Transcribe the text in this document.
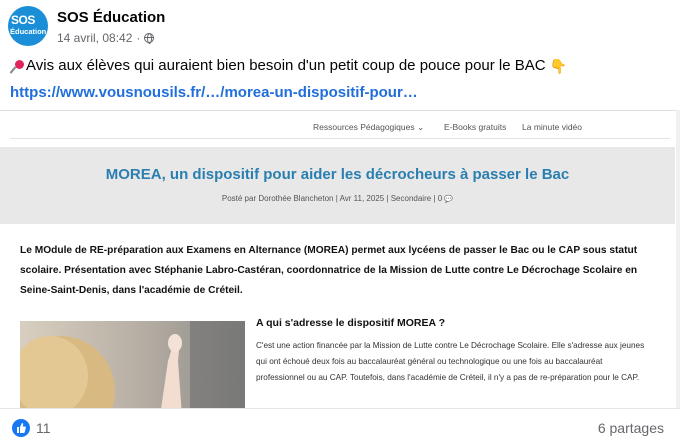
SOS
Éducation
SOS Éducation
14 avril, 08:42 ·
Avis aux élèves qui auraient bien besoin d'un petit coup de pouce pour le BAC 👇
https://www.vousnousils.fr/…/morea-un-dispositif-pour…
Ressources Pédagogiques ⌄ E-Books gratuits La minute vidéo
MOREA, un dispositif pour aider les décrocheurs à passer le Bac
Posté par Dorothée Blancheton | Avr 11, 2025 | Secondaire | 0 💬
Le MOdule de RE-préparation aux Examens en Alternance (MOREA) permet aux lycéens de passer le Bac ou le CAP sous statut scolaire. Présentation avec Stéphanie Labro-Castéran, coordonnatrice de la Mission de Lutte contre Le Décrochage Scolaire en Seine-Saint-Denis, dans l'académie de Créteil.
A qui s'adresse le dispositif MOREA ?
C'est une action financée par la Mission de Lutte contre Le Décrochage Scolaire. Elle s'adresse aux jeunes qui ont échoué deux fois au baccalauréat général ou technologique ou une fois au baccalauréat professionnel ou au CAP. Toutefois, dans l'académie de Créteil, il n'y a pas de re-préparation pour le CAP.
11	6 partages
